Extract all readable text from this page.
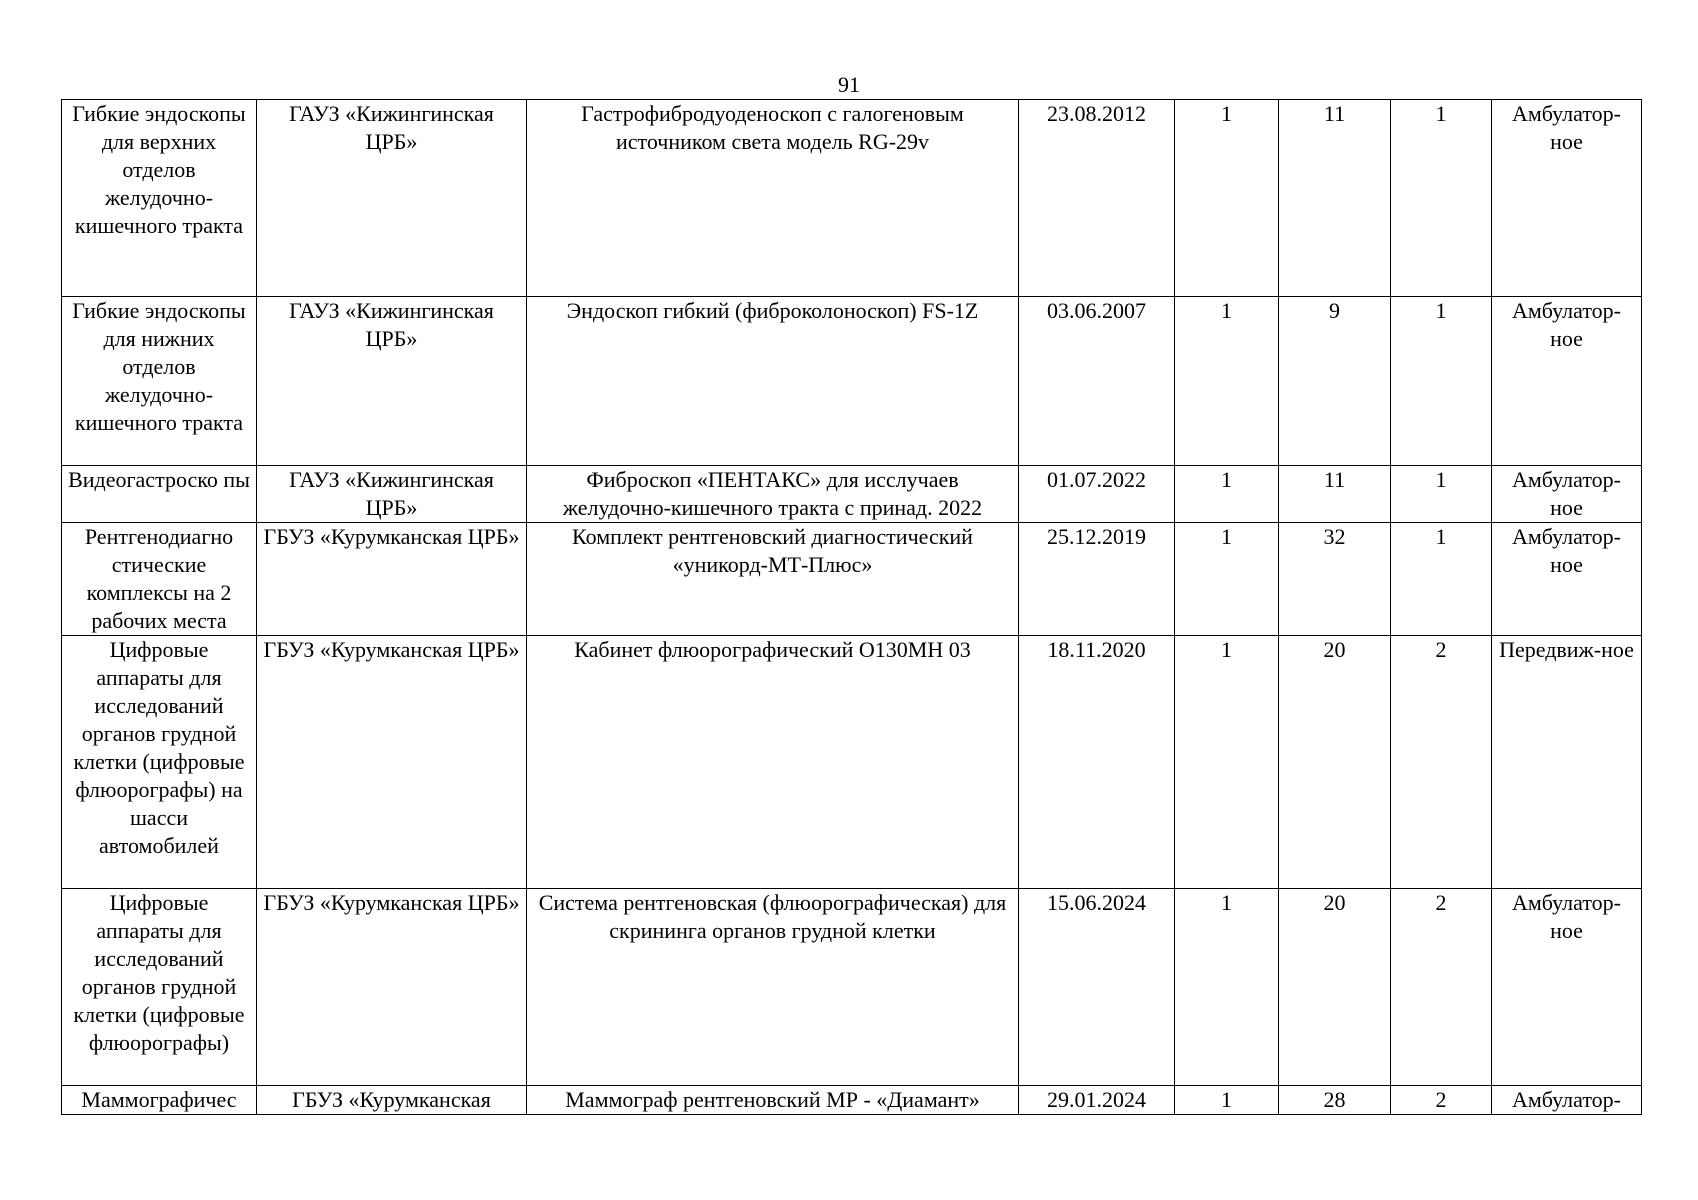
91
Гибкие эндоскопы для верхних отделов желудочно-кишечного тракта	ГАУЗ «Кижингинская ЦРБ»	Гастрофибродуоденоскоп с галогеновым источником света модель RG-29v	23.08.2012	1	11	1	Амбулатор-ное
Гибкие эндоскопы для нижних отделов желудочно-кишечного тракта	ГАУЗ «Кижингинская ЦРБ»	Эндоскоп гибкий (фиброколоноскоп) FS-1Z	03.06.2007	1	9	1	Амбулатор-ное
Видеогастроско пы	ГАУЗ «Кижингинская ЦРБ»	Фиброскоп «ПЕНТАКС» для исслучаев желудочно-кишечного тракта с принад. 2022	01.07.2022	1	11	1	Амбулатор-ное
Рентгенодиагно стические комплексы на 2 рабочих места	ГБУЗ «Курумканская ЦРБ»	Комплект рентгеновский диагностический «уникорд-МТ-Плюс»	25.12.2019	1	32	1	Амбулатор-ное
Цифровые аппараты для исследований органов грудной клетки (цифровые флюорографы) на шасси автомобилей	ГБУЗ «Курумканская ЦРБ»	Кабинет флюорографический О130МН 03	18.11.2020	1	20	2	Передвиж-ное
Цифровые аппараты для исследований органов грудной клетки (цифровые флюорографы)	ГБУЗ «Курумканская ЦРБ»	Система рентгеновская (флюорографическая) для скрининга органов грудной клетки	15.06.2024	1	20	2	Амбулатор-ное
Маммографичес	ГБУЗ «Курумканская	Маммограф рентгеновский МР - «Диамант»	29.01.2024	1	28	2	Амбулатор-
